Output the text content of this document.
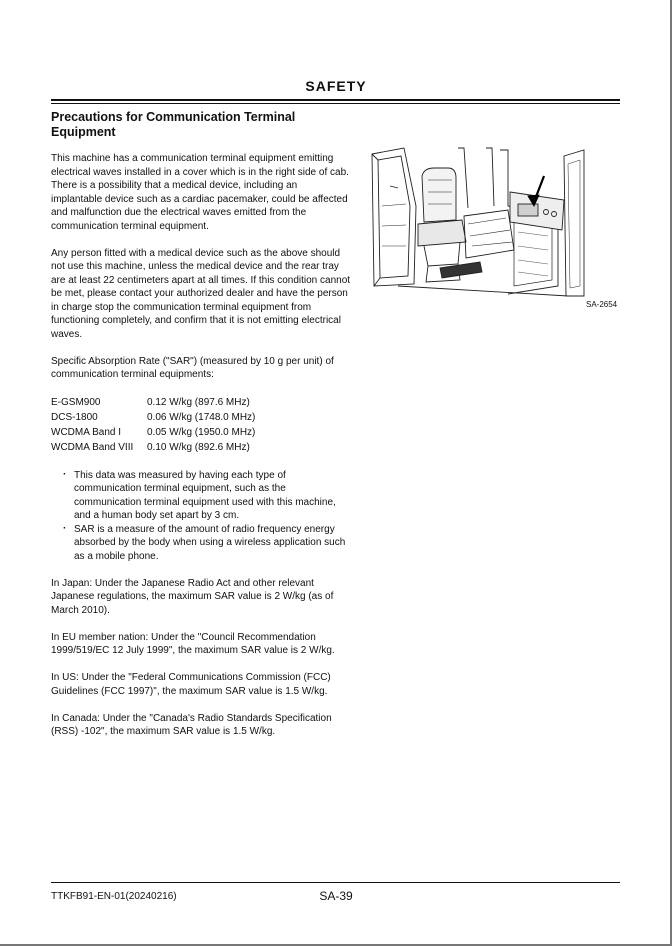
SAFETY
Precautions for Communication Terminal Equipment

This machine has a communication terminal equipment emitting electrical waves installed in a cover which is in the right side of cab. There is a possibility that a medical device, including an implantable device such as a cardiac pacemaker, could be affected and malfunction due the electrical waves emitted from the communication terminal equipment.

Any person fitted with a medical device such as the above should not use this machine, unless the medical device and the rear tray are at least 22 centimeters apart at all times. If this condition cannot be met, please contact your authorized dealer and have the person in charge stop the communication terminal equipment from functioning completely, and confirm that it is not emitting electrical waves.

Specific Absorption Rate ("SAR") (measured by 10 g per unit) of communication terminal equipments:

E-GSM900	0.12 W/kg (897.6 MHz)
DCS-1800	0.06 W/kg (1748.0 MHz)
WCDMA Band I	0.05 W/kg (1950.0 MHz)
WCDMA Band VIII	0.10 W/kg (892.6 MHz)
· This data was measured by having each type of communication terminal equipment, such as the communication terminal equipment used with this machine, and a human body set apart by 3 cm.
· SAR is a measure of the amount of radio frequency energy absorbed by the body when using a wireless application such as a mobile phone.

In Japan: Under the Japanese Radio Act and other relevant Japanese regulations, the maximum SAR value is 2 W/kg (as of March 2010).

In EU member nation: Under the "Council Recommendation 1999/519/EC 12 July 1999", the maximum SAR value is 2 W/kg.

In US: Under the "Federal Communications Commission (FCC) Guidelines (FCC 1997)", the maximum SAR value is 1.5 W/kg.

In Canada: Under the "Canada's Radio Standards Specification (RSS) -102", the maximum SAR value is 1.5 W/kg.

SA-2654
TTKFB91-EN-01(20240216)	SA-39
